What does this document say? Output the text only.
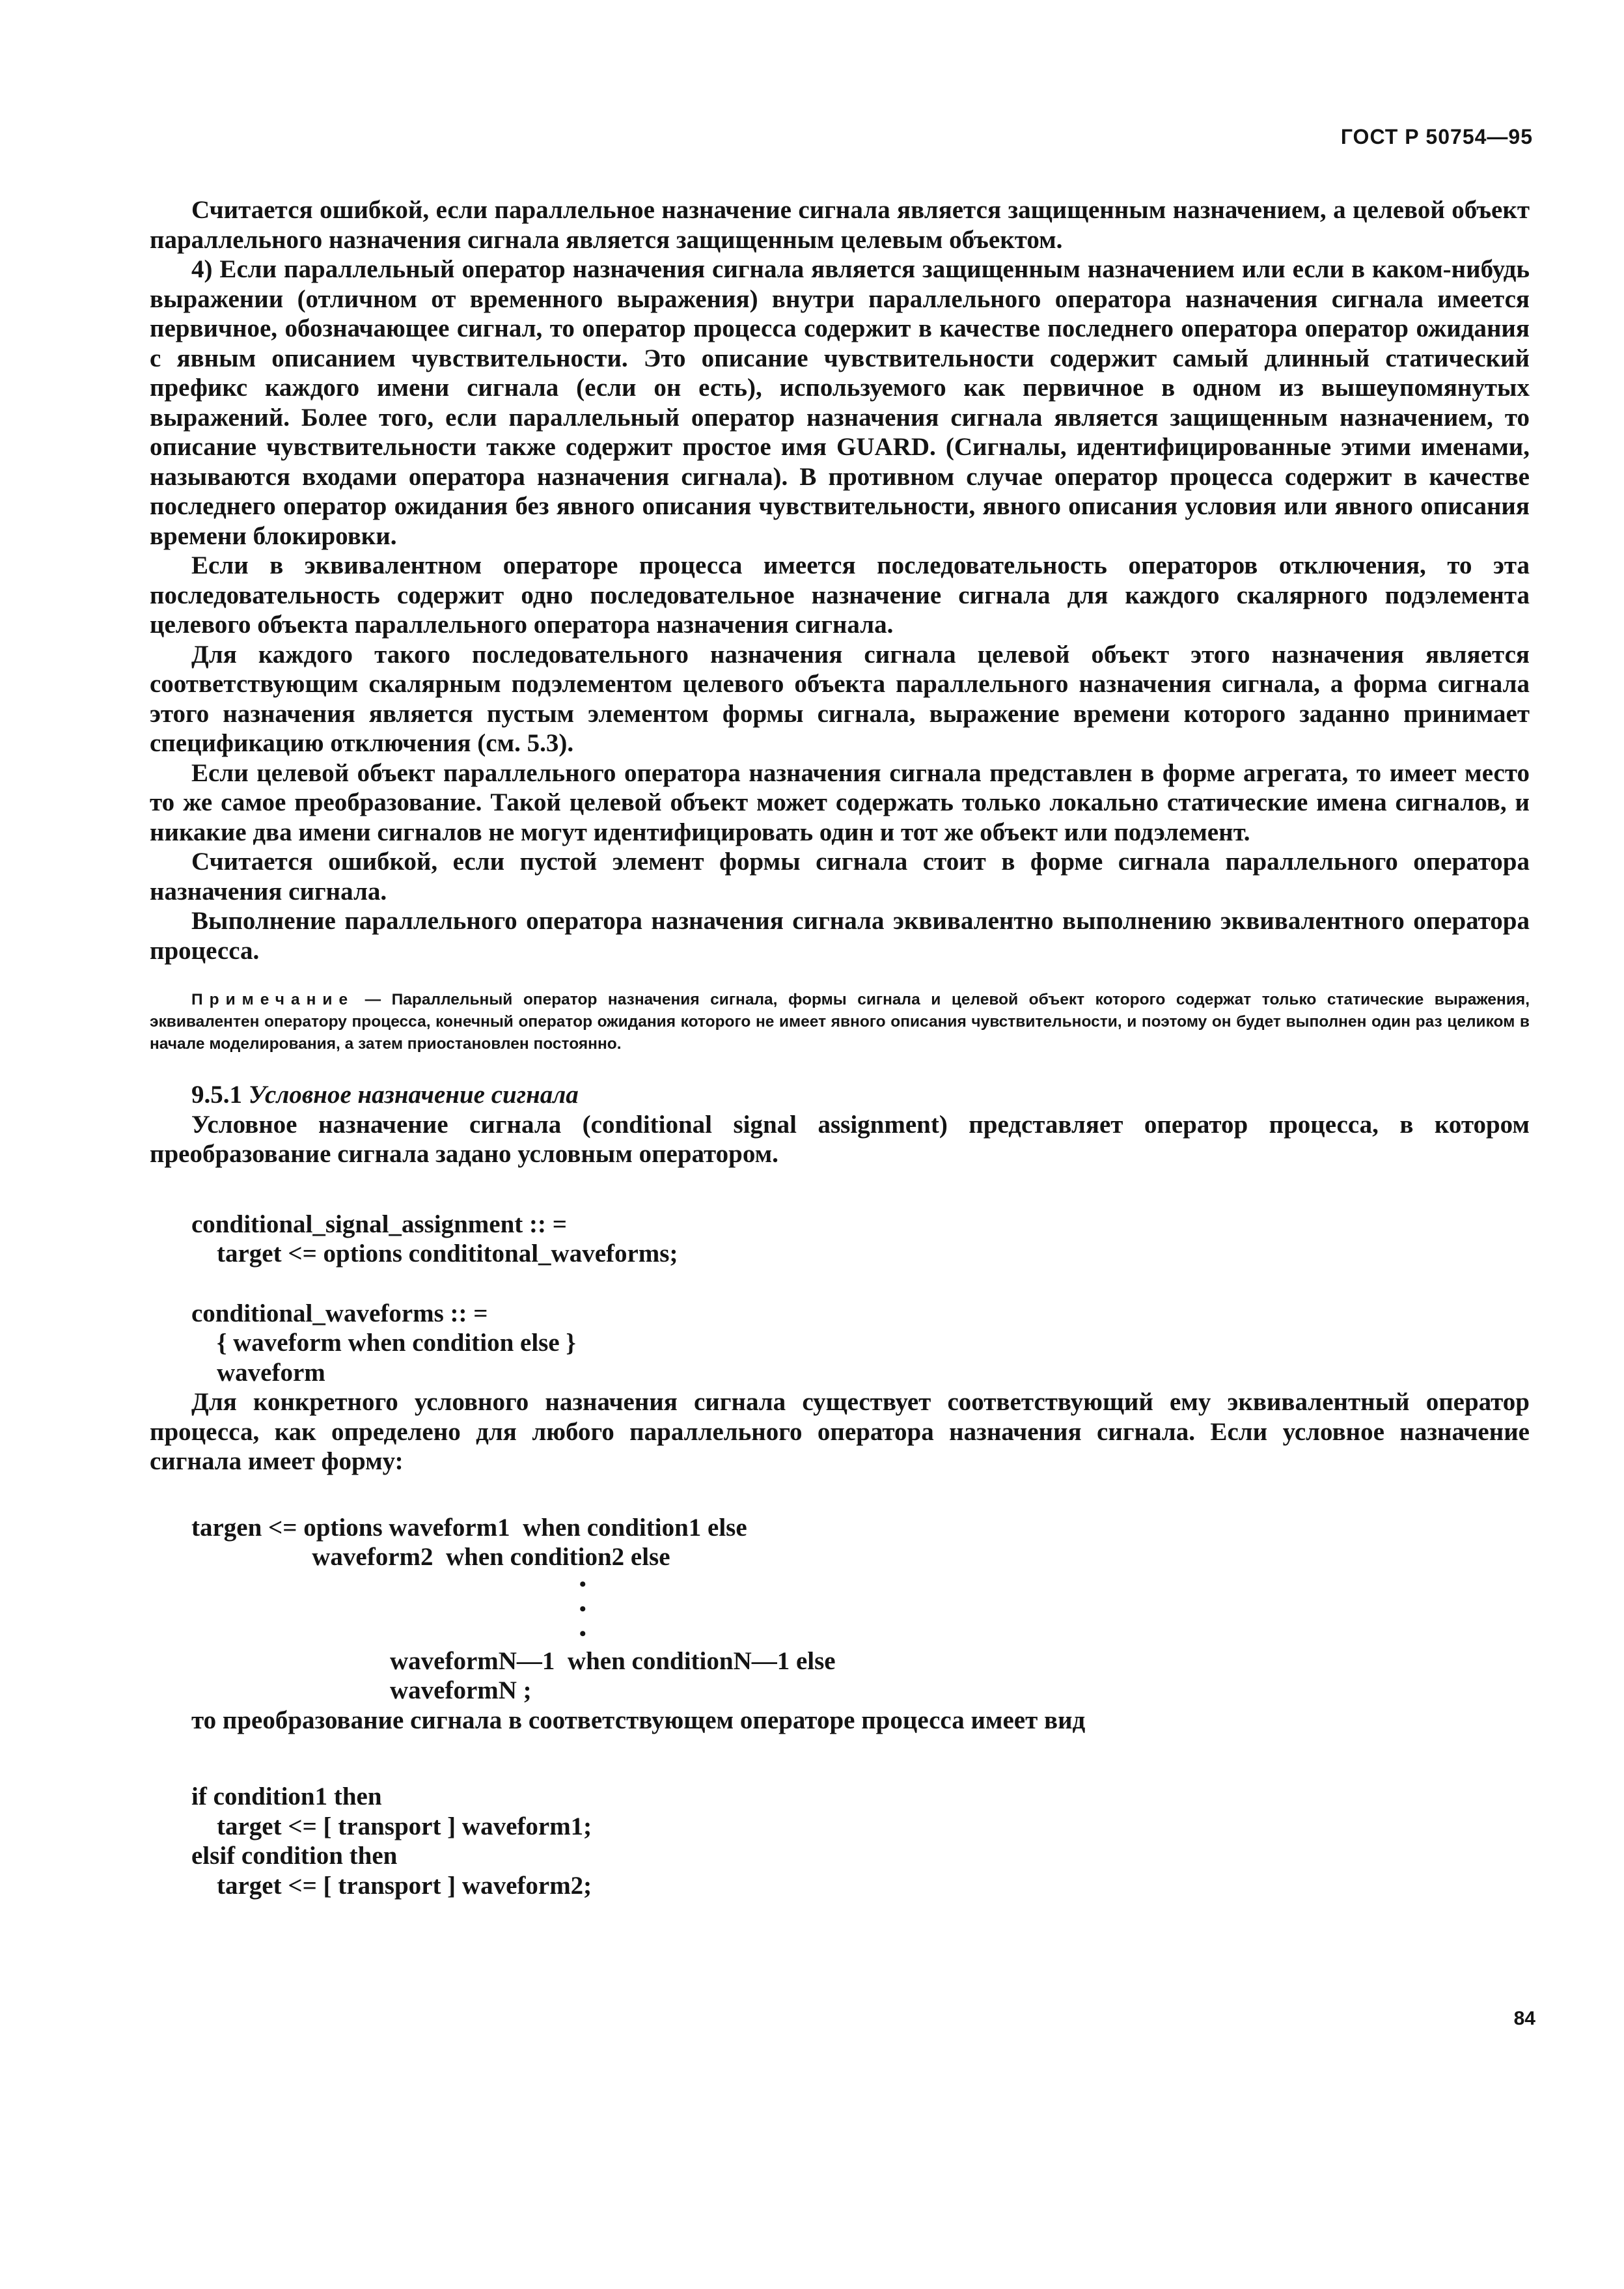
ГОСТ Р 50754—95

Считается ошибкой, если параллельное назначение сигнала является защищенным назначением, а целевой объект параллельного назначения сигнала является защищенным целевым объектом.

4) Если параллельный оператор назначения сигнала является защищенным назначением или если в каком-нибудь выражении (отличном от временного выражения) внутри параллельного оператора назначения сигнала имеется первичное, обозначающее сигнал, то оператор процесса содержит в качестве последнего оператора оператор ожидания с явным описанием чувствительности. Это описание чувствительности содержит самый длинный статический префикс каждого имени сигнала (если он есть), используемого как первичное в одном из вышеупомянутых выражений. Более того, если параллельный оператор назначения сигнала является защищенным назначением, то описание чувствительности также содержит простое имя GUARD. (Сигналы, идентифицированные этими именами, называются входами оператора назначения сигнала). В противном случае оператор процесса содержит в качестве последнего оператор ожидания без явного описания чувствительности, явного описания условия или явного описания времени блокировки.

Если в эквивалентном операторе процесса имеется последовательность операторов отключения, то эта последовательность содержит одно последовательное назначение сигнала для каждого скалярного подэлемента целевого объекта параллельного оператора назначения сигнала.

Для каждого такого последовательного назначения сигнала целевой объект этого назначения является соответствующим скалярным подэлементом целевого объекта параллельного назначения сигнала, а форма сигнала этого назначения является пустым элементом формы сигнала, выражение времени которого заданно принимает спецификацию отключения (см. 5.3).

Если целевой объект параллельного оператора назначения сигнала представлен в форме агрегата, то имеет место то же самое преобразование. Такой целевой объект может содержать только локально статические имена сигналов, и никакие два имени сигналов не могут идентифицировать один и тот же объект или подэлемент.

Считается ошибкой, если пустой элемент формы сигнала стоит в форме сигнала параллельного оператора назначения сигнала.

Выполнение параллельного оператора назначения сигнала эквивалентно выполнению эквивалентного оператора процесса.

Примечание — Параллельный оператор назначения сигнала, формы сигнала и целевой объект которого содержат только статические выражения, эквивалентен оператору процесса, конечный оператор ожидания которого не имеет явного описания чувствительности, и поэтому он будет выполнен один раз целиком в начале моделирования, а затем приостановлен постоянно.

9.5.1 Условное назначение сигнала

Условное назначение сигнала (conditional signal assignment) представляет оператор процесса, в котором преобразование сигнала задано условным оператором.

conditional_signal_assignment :: =
target <= options condititonal_waveforms;
conditional_waveforms :: =
{ waveform when condition else }
waveform

Для конкретного условного назначения сигнала существует соответствующий ему эквивалентный оператор процесса, как определено для любого параллельного оператора назначения сигнала. Если условное назначение сигнала имеет форму:

targen <= options waveform1  when condition1 else
waveform2  when condition2 else
•
•
•
waveformN—1  when conditionN—1 else
waveformN ;

то преобразование сигнала в соответствующем операторе процесса имеет вид

if condition1 then
target <= [ transport ] waveform1;
elsif condition then
target <= [ transport ] waveform2;
84
